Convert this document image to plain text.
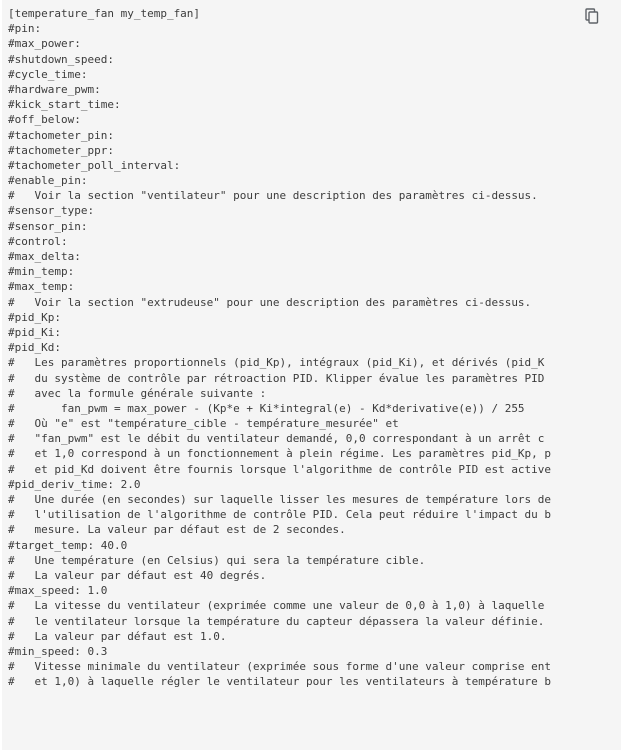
[temperature_fan my_temp_fan]
#pin:
#max_power:
#shutdown_speed:
#cycle_time:
#hardware_pwm:
#kick_start_time:
#off_below:
#tachometer_pin:
#tachometer_ppr:
#tachometer_poll_interval:
#enable_pin:
#   Voir la section "ventilateur" pour une description des paramètres ci-dessus.
#sensor_type:
#sensor_pin:
#control:
#max_delta:
#min_temp:
#max_temp:
#   Voir la section "extrudeuse" pour une description des paramètres ci-dessus.
#pid_Kp:
#pid_Ki:
#pid_Kd:
#   Les paramètres proportionnels (pid_Kp), intégraux (pid_Ki), et dérivés (pid_K
#   du système de contrôle par rétroaction PID. Klipper évalue les paramètres PID
#   avec la formule générale suivante :
#       fan_pwm = max_power - (Kp*e + Ki*integral(e) - Kd*derivative(e)) / 255
#   Où "e" est "température_cible - température_mesurée" et
#   "fan_pwm" est le débit du ventilateur demandé, 0,0 correspondant à un arrêt c
#   et 1,0 correspond à un fonctionnement à plein régime. Les paramètres pid_Kp, p
#   et pid_Kd doivent être fournis lorsque l'algorithme de contrôle PID est active
#pid_deriv_time: 2.0
#   Une durée (en secondes) sur laquelle lisser les mesures de température lors de
#   l'utilisation de l'algorithme de contrôle PID. Cela peut réduire l'impact du b
#   mesure. La valeur par défaut est de 2 secondes.
#target_temp: 40.0
#   Une température (en Celsius) qui sera la température cible.
#   La valeur par défaut est 40 degrés.
#max_speed: 1.0
#   La vitesse du ventilateur (exprimée comme une valeur de 0,0 à 1,0) à laquelle
#   le ventilateur lorsque la température du capteur dépassera la valeur définie.
#   La valeur par défaut est 1.0.
#min_speed: 0.3
#   Vitesse minimale du ventilateur (exprimée sous forme d'une valeur comprise ent
#   et 1,0) à laquelle régler le ventilateur pour les ventilateurs à température b
